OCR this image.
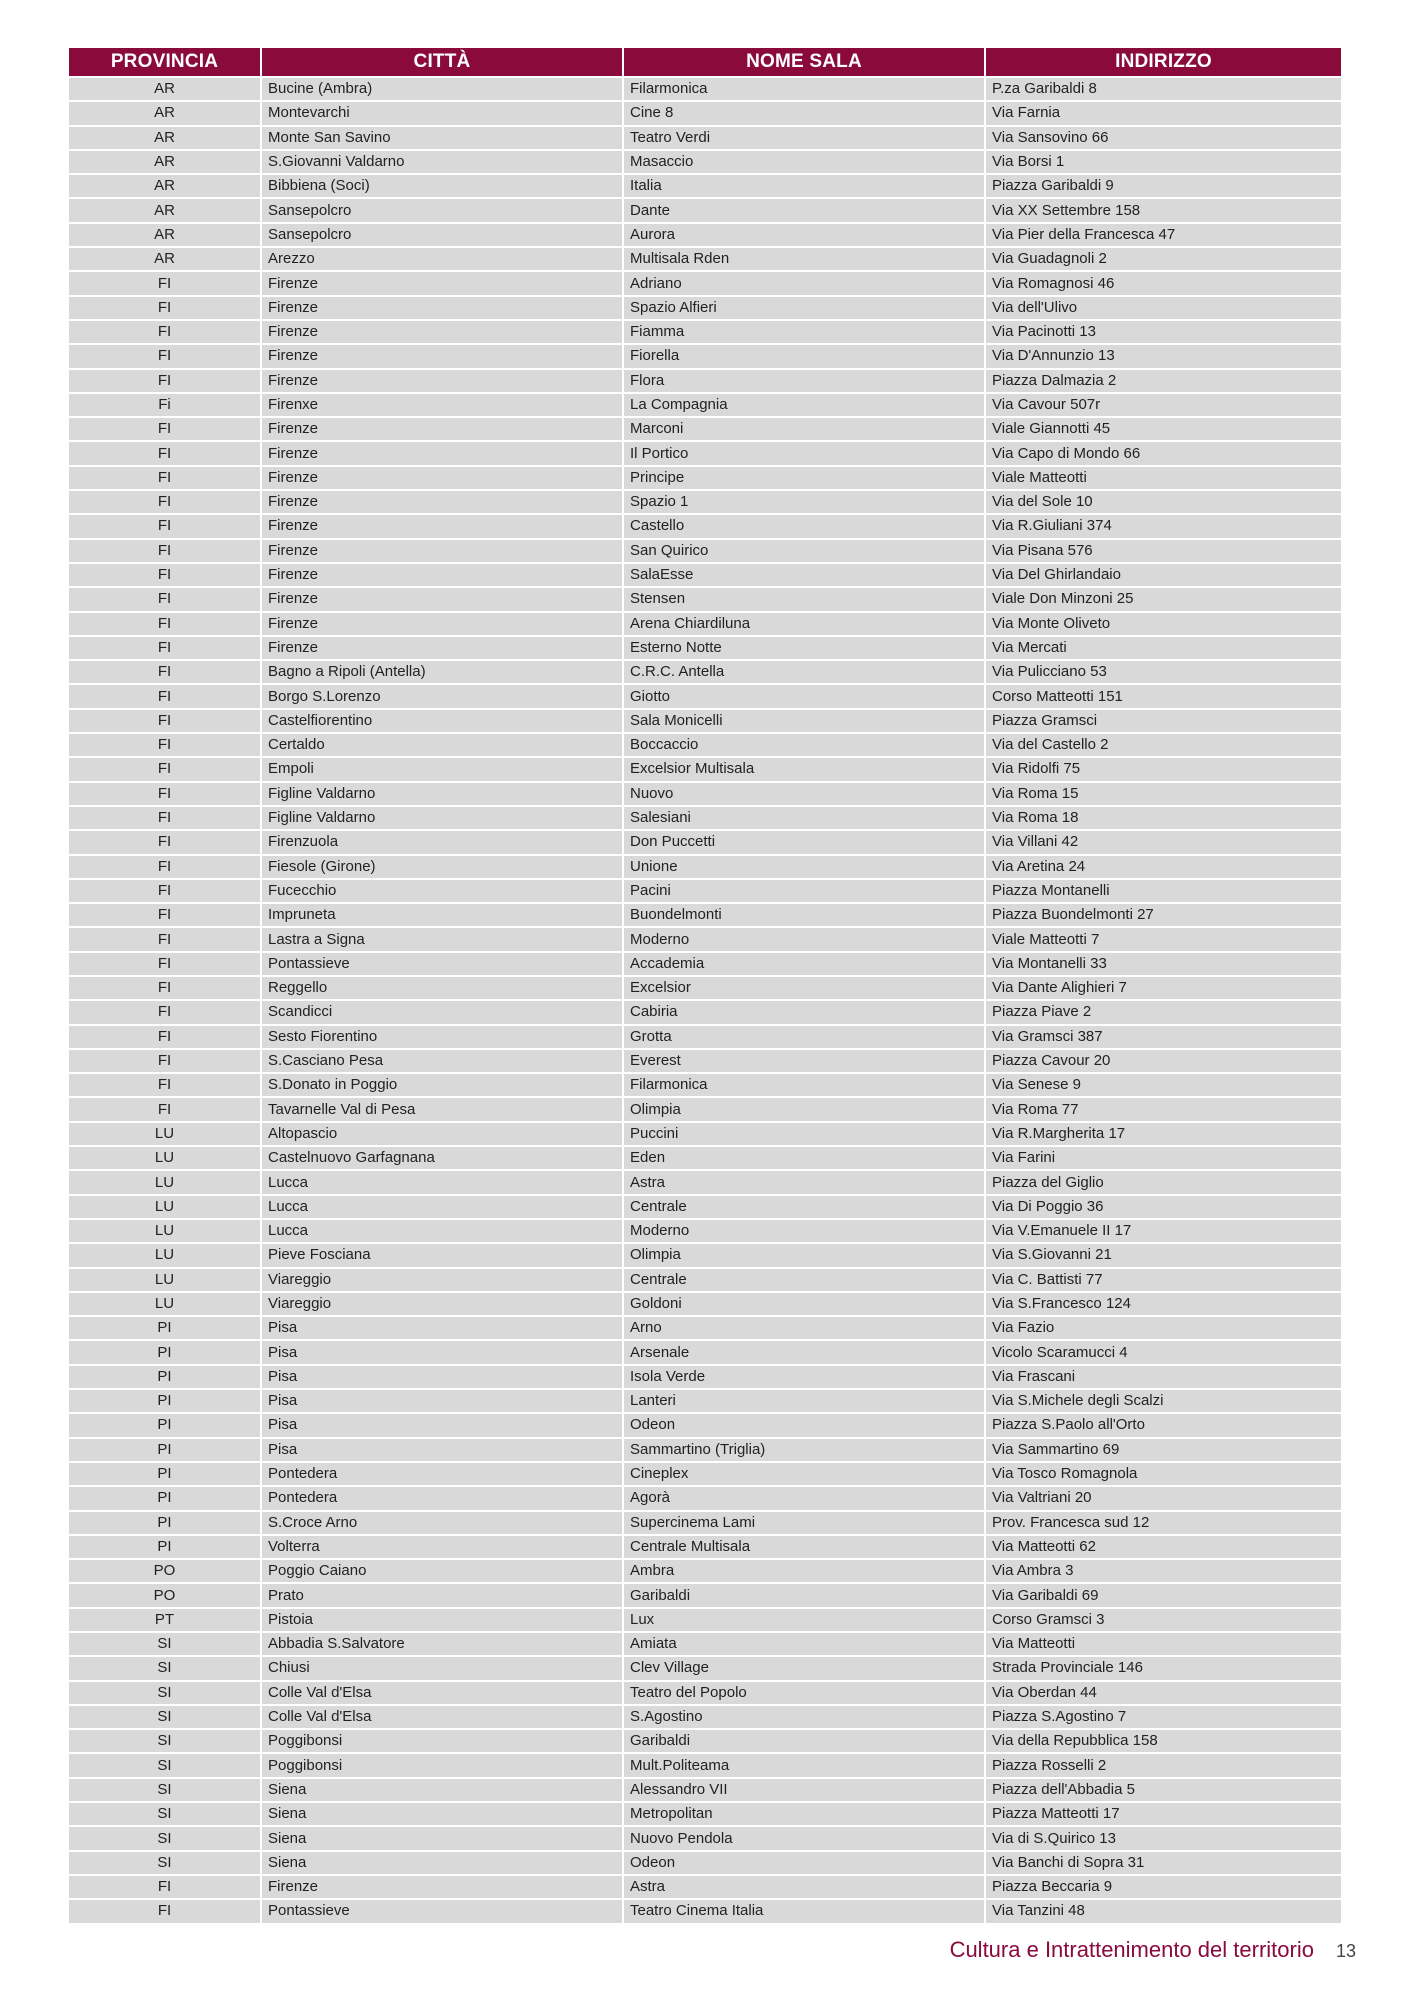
PROVINCIA	CITTÀ	NOME SALA	INDIRIZZO
AR	Bucine (Ambra)	Filarmonica	P.za Garibaldi 8
AR	Montevarchi	Cine 8	Via Farnia
AR	Monte San Savino	Teatro Verdi	Via Sansovino 66
AR	S.Giovanni Valdarno	Masaccio	Via Borsi 1
AR	Bibbiena (Soci)	Italia	Piazza Garibaldi 9
AR	Sansepolcro	Dante	Via XX Settembre 158
AR	Sansepolcro	Aurora	Via Pier della Francesca 47
AR	Arezzo	Multisala Rden	Via Guadagnoli 2
FI	Firenze	Adriano	Via Romagnosi 46
FI	Firenze	Spazio Alfieri	Via dell'Ulivo
FI	Firenze	Fiamma	Via Pacinotti 13
FI	Firenze	Fiorella	Via D'Annunzio 13
FI	Firenze	Flora	Piazza Dalmazia 2
Fi	Firenxe	La Compagnia	Via Cavour 507r
FI	Firenze	Marconi	Viale Giannotti 45
FI	Firenze	Il Portico	Via Capo di Mondo 66
FI	Firenze	Principe	Viale Matteotti
FI	Firenze	Spazio 1	Via del Sole 10
FI	Firenze	Castello	Via R.Giuliani 374
FI	Firenze	San Quirico	Via Pisana 576
FI	Firenze	SalaEsse	Via Del Ghirlandaio
FI	Firenze	Stensen	Viale Don Minzoni 25
FI	Firenze	Arena Chiardiluna	Via Monte Oliveto
FI	Firenze	Esterno Notte	Via Mercati
FI	Bagno a Ripoli (Antella)	C.R.C. Antella	Via Pulicciano 53
FI	Borgo S.Lorenzo	Giotto	Corso Matteotti 151
FI	Castelfiorentino	Sala Monicelli	Piazza Gramsci
FI	Certaldo	Boccaccio	Via del Castello 2
FI	Empoli	Excelsior Multisala	Via Ridolfi 75
FI	Figline Valdarno	Nuovo	Via Roma 15
FI	Figline Valdarno	Salesiani	Via Roma 18
FI	Firenzuola	Don Puccetti	Via Villani 42
FI	Fiesole (Girone)	Unione	Via Aretina 24
FI	Fucecchio	Pacini	Piazza Montanelli
FI	Impruneta	Buondelmonti	Piazza Buondelmonti 27
FI	Lastra a Signa	Moderno	Viale Matteotti 7
FI	Pontassieve	Accademia	Via Montanelli 33
FI	Reggello	Excelsior	Via Dante Alighieri 7
FI	Scandicci	Cabiria	Piazza Piave 2
FI	Sesto Fiorentino	Grotta	Via Gramsci 387
FI	S.Casciano Pesa	Everest	Piazza Cavour 20
FI	S.Donato in Poggio	Filarmonica	Via Senese 9
FI	Tavarnelle Val di Pesa	Olimpia	Via Roma 77
LU	Altopascio	Puccini	Via R.Margherita 17
LU	Castelnuovo Garfagnana	Eden	Via Farini
LU	Lucca	Astra	Piazza del Giglio
LU	Lucca	Centrale	Via Di Poggio 36
LU	Lucca	Moderno	Via V.Emanuele II 17
LU	Pieve Fosciana	Olimpia	Via S.Giovanni 21
LU	Viareggio	Centrale	Via C. Battisti 77
LU	Viareggio	Goldoni	Via S.Francesco 124
PI	Pisa	Arno	Via Fazio
PI	Pisa	Arsenale	Vicolo Scaramucci 4
PI	Pisa	Isola Verde	Via Frascani
PI	Pisa	Lanteri	Via S.Michele degli Scalzi
PI	Pisa	Odeon	Piazza S.Paolo all'Orto
PI	Pisa	Sammartino (Triglia)	Via Sammartino 69
PI	Pontedera	Cineplex	Via Tosco Romagnola
PI	Pontedera	Agorà	Via Valtriani 20
PI	S.Croce Arno	Supercinema Lami	Prov. Francesca sud 12
PI	Volterra	Centrale Multisala	Via Matteotti 62
PO	Poggio Caiano	Ambra	Via Ambra 3
PO	Prato	Garibaldi	Via Garibaldi 69
PT	Pistoia	Lux	Corso Gramsci 3
SI	Abbadia S.Salvatore	Amiata	Via Matteotti
SI	Chiusi	Clev Village	Strada Provinciale 146
SI	Colle Val d'Elsa	Teatro del Popolo	Via Oberdan 44
SI	Colle Val d'Elsa	S.Agostino	Piazza S.Agostino 7
SI	Poggibonsi	Garibaldi	Via della Repubblica 158
SI	Poggibonsi	Mult.Politeama	Piazza Rosselli 2
SI	Siena	Alessandro VII	Piazza dell'Abbadia 5
SI	Siena	Metropolitan	Piazza Matteotti 17
SI	Siena	Nuovo Pendola	Via di S.Quirico 13
SI	Siena	Odeon	Via Banchi di Sopra 31
FI	Firenze	Astra	Piazza Beccaria 9
FI	Pontassieve	Teatro Cinema Italia	Via Tanzini 48
Cultura e Intrattenimento del territorio 13
